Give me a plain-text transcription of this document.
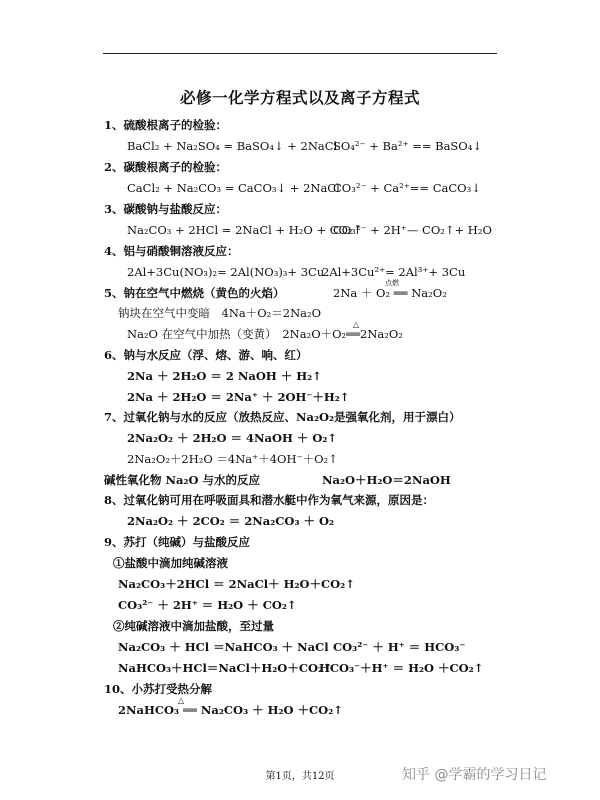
必修一化学方程式以及离子方程式
1、硫酸根离子的检验：
BaCl₂ + Na₂SO₄ = BaSO₄↓ + 2NaCl
SO₄²⁻ + Ba²⁺ == BaSO₄↓
2、碳酸根离子的检验：
CaCl₂ + Na₂CO₃ = CaCO₃↓ + 2NaCl
CO₃²⁻ + Ca²⁺== CaCO₃↓
3、碳酸钠与盐酸反应：
Na₂CO₃ + 2HCl = 2NaCl + H₂O + CO₂↑
CO₃²⁻ + 2H⁺— CO₂↑+ H₂O
4、铝与硝酸铜溶液反应：
2Al+3Cu(NO₃)₂= 2Al(NO₃)₃+ 3Cu
2Al+3Cu²⁺= 2Al³⁺+ 3Cu
5、钠在空气中燃烧（黄色的火焰）	2Na ＋ O₂ ══ Na₂O₂
点燃
钠块在空气中变暗　4Na＋O₂＝2Na₂O
Na₂O 在空气中加热（变黄）　2Na₂O＋O₂══2Na₂O₂
△
6、钠与水反应（浮、熔、游、响、红）
2Na ＋ 2H₂O ＝ 2 NaOH ＋ H₂↑
2Na ＋ 2H₂O ＝ 2Na⁺ ＋ 2OH⁻＋H₂↑
7、过氧化钠与水的反应（放热反应、Na₂O₂是强氧化剂，用于漂白）
2Na₂O₂ ＋ 2H₂O ＝ 4NaOH ＋ O₂↑
2Na₂O₂＋2H₂O ＝4Na⁺＋4OH⁻＋O₂↑
碱性氧化物 Na₂O 与水的反应	Na₂O＋H₂O＝2NaOH
8、过氧化钠可用在呼吸面具和潜水艇中作为氧气来源，原因是：
2Na₂O₂ ＋ 2CO₂ ＝ 2Na₂CO₃ ＋ O₂
9、苏打（纯碱）与盐酸反应
①盐酸中滴加纯碱溶液
Na₂CO₃＋2HCl ＝ 2NaCl＋ H₂O＋CO₂↑
CO₃²⁻ ＋ 2H⁺ ＝ H₂O ＋ CO₂↑
②纯碱溶液中滴加盐酸，至过量
Na₂CO₃ ＋ HCl ＝NaHCO₃ ＋ NaCl CO₃²⁻ ＋ H⁺ ＝ HCO₃⁻
NaHCO₃＋HCl＝NaCl＋H₂O＋CO₂↑
HCO₃⁻＋H⁺ ＝ H₂O ＋CO₂↑
10、小苏打受热分解
2NaHCO₃ ══ Na₂CO₃ ＋ H₂O ＋CO₂↑
△
第1页，共12页	知乎 @学霸的学习日记
